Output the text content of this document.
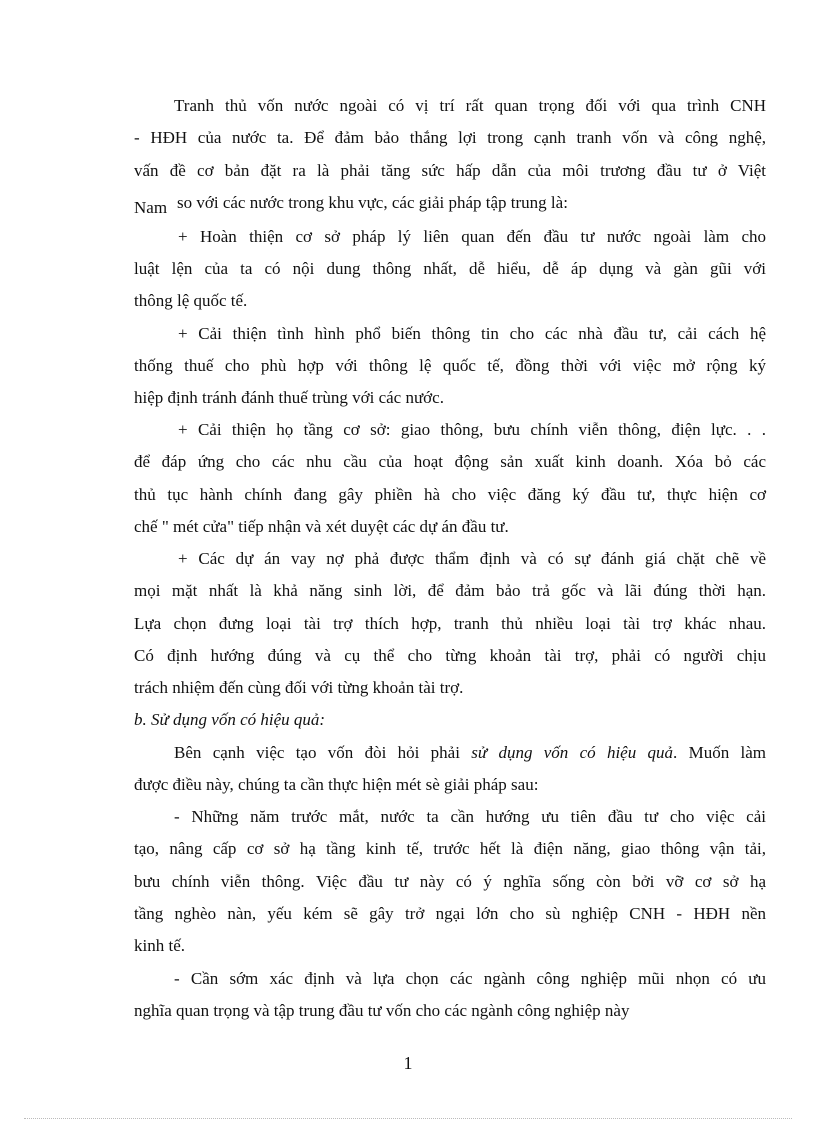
Tranh thủ vốn nước ngoài có vị trí rất quan trọng đối với qua trình CNH
- HĐH của nước ta. Để đảm bảo thắng lợi trong cạnh tranh vốn và công nghệ,
vấn đề cơ bản đặt ra là phải tăng sức hấp dẫn của môi trương đầu tư ở Việt
Nam so với các nước trong khu vực, các giải pháp tập trung là:
+ Hoàn thiện cơ sở pháp lý liên quan đến đầu tư nước ngoài làm cho
luật lện của ta có nội dung thông nhất, dễ hiểu, dễ áp dụng và gàn gũi với
thông lệ quốc tế.
+ Cải thiện tình hình phổ biến thông tin cho các nhà đầu tư, cải cách hệ
thống thuế cho phù hợp với thông lệ quốc tế, đồng thời với việc mở rộng ký
hiệp định tránh đánh thuế trùng với các nước.
+ Cải thiện họ tầng cơ sở: giao thông, bưu chính viễn thông, điện lực. . .
để đáp ứng cho các nhu cầu của hoạt động sản xuất kinh doanh. Xóa bỏ các
thủ tục hành chính đang gây phiền hà cho việc đăng ký đầu tư, thực hiện cơ
chế " mét cửa" tiếp nhận và xét duyệt các dự án đầu tư.
+ Các dự án vay nợ phả được thẩm định và có sự đánh giá chặt chẽ về
mọi mặt nhất là khả năng sinh lời, để đảm bảo trả gốc và lãi đúng thời hạn.
Lựa chọn đưng loại tài trợ thích hợp, tranh thủ nhiều loại tài trợ khác nhau.
Có định hướng đúng và cụ thể cho từng khoản tài trợ, phải có người chịu
trách nhiệm đến cùng đối với từng khoản tài trợ.
b. Sử dụng vốn có hiệu quả:
Bên cạnh việc tạo vốn đòi hỏi phải sử dụng vốn có hiệu quả. Muốn làm
được điều này, chúng ta cần thực hiện mét sè giải pháp sau:
- Những năm trước mắt, nước ta cần hướng ưu tiên đầu tư cho việc cải
tạo, nâng cấp cơ sở hạ tầng kinh tế, trước hết là điện năng, giao thông vận tải,
bưu chính viễn thông. Việc đầu tư này có ý nghĩa sống còn bởi vỡ cơ sở hạ
tầng nghèo nàn, yếu kém sẽ gây trở ngại lớn cho sù nghiệp CNH - HĐH nền
kinh tế.
- Cần sớm xác định và lựa chọn các ngành công nghiệp mũi nhọn có ưu
nghĩa quan trọng và tập trung đầu tư vốn cho các ngành công nghiệp này
1
